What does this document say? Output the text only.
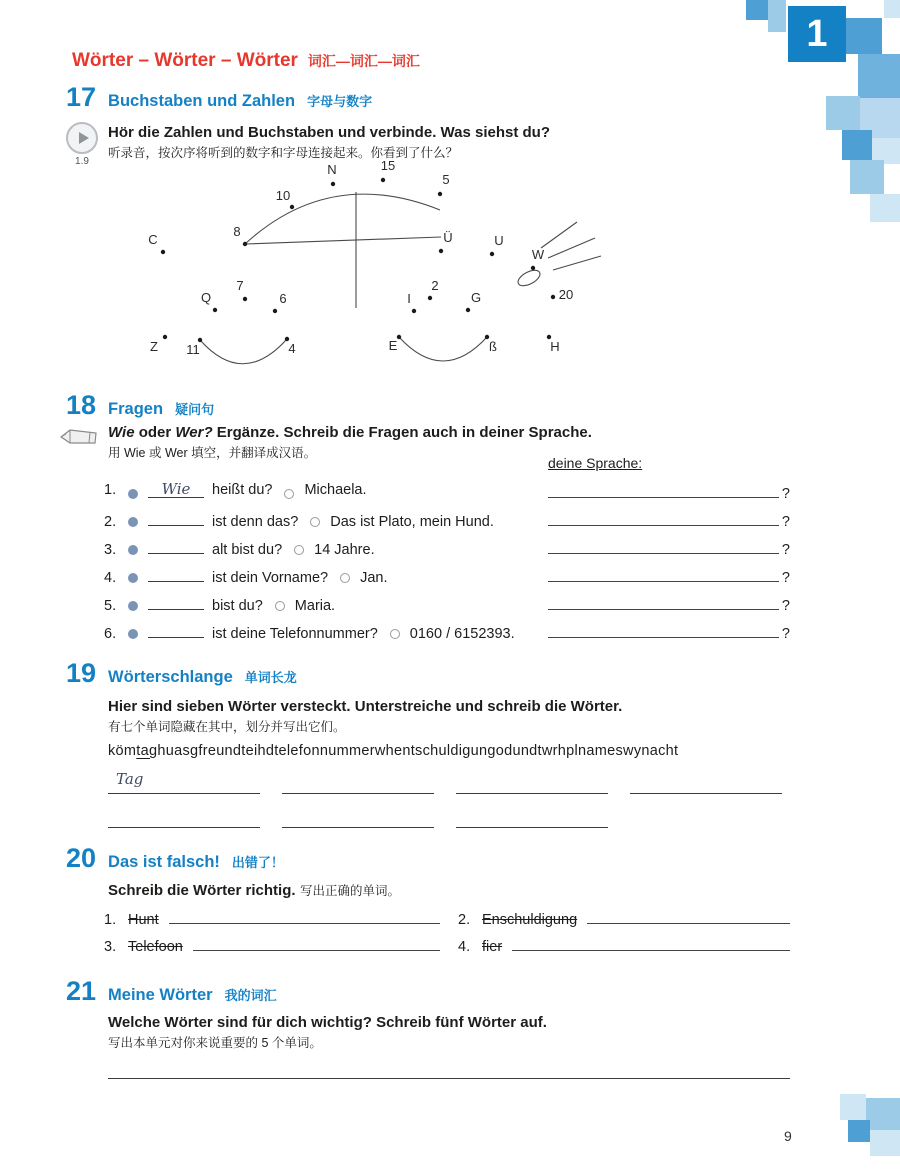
1
Wörter – Wörter – Wörter 词汇—词汇—词汇
17 Buchstaben und Zahlen 字母与数字
1.9
Hör die Zahlen und Buchstaben und verbinde. Was siehst du?
听录音，按次序将听到的数字和字母连接起来。你看到了什么？
C
8
10
N	15
5
Ü	U
W
20
Q
7
6	I
2
G
Z 11	4	E	ß	H
18 Fragen 疑问句
Wie oder Wer? Ergänze. Schreib die Fragen auch in deiner Sprache.
用 Wie 或 Wer 填空，并翻译成汉语。
deine Sprache:
1.	Wie	heißt du? Michaela.	?
2.	ist denn das? Das ist Plato, mein Hund.	?
3.	alt bist du? 14 Jahre.	?
4.	ist dein Vorname? Jan.	?
5.	bist du? Maria.	?
6.	ist deine Telefonnummer? 0160 / 6152393.	?
19 Wörterschlange 单词长龙
Hier sind sieben Wörter versteckt. Unterstreiche und schreib die Wörter.
有七个单词隐藏在其中，划分并写出它们。
kömtaghuasgfreundteihdtelefonnummerwhentschuldigungodundtwrhplnameswynacht
Tag
20 Das ist falsch! 出错了！
Schreib die Wörter richtig. 写出正确的单词。
1. Hunt	2. Enschuldigung
3. Telefoon	4. fier
21 Meine Wörter 我的词汇
Welche Wörter sind für dich wichtig? Schreib fünf Wörter auf.
写出本单元对你来说重要的 5 个单词。
9
